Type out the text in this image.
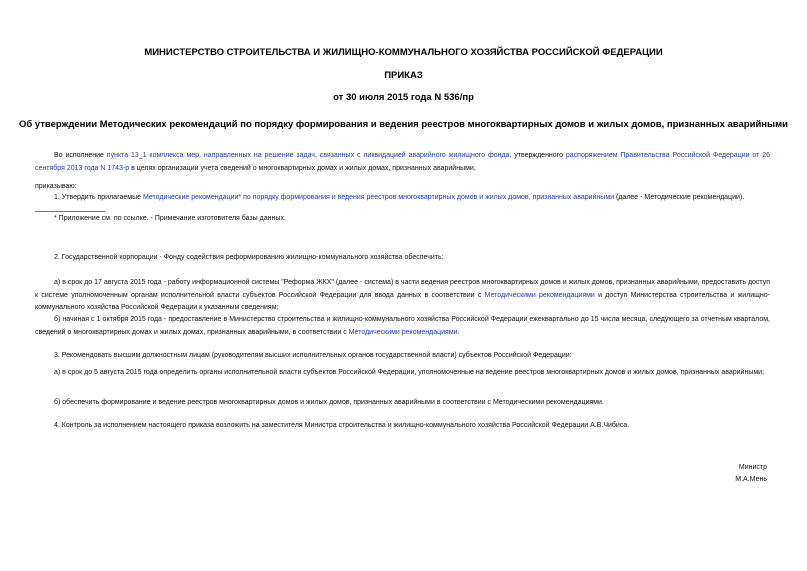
МИНИСТЕРСТВО СТРОИТЕЛЬСТВА И ЖИЛИЩНО-КОММУНАЛЬНОГО ХОЗЯЙСТВА РОССИЙСКОЙ ФЕДЕРАЦИИ
ПРИКАЗ
от 30 июля 2015 года N 536/пр
Об утверждении Методических рекомендаций по порядку формирования и ведения реестров многоквартирных домов и жилых домов, признанных аварийными

Во исполнение пункта 13_1 комплекса мер, направленных на решение задач, связанных с ликвидацией аварийного жилищного фонда, утвержденного распоряжением Правительства Российской Федерации от 26 сентября 2013 года N 1743-р в целях организации учета сведений о многоквартирных домах и жилых домах, признанных аварийными,

приказываю:

1. Утвердить прилагаемые Методические рекомендации* по порядку формирования и ведения реестров многоквартирных домов и жилых домов, признанных аварийными (далее - Методические рекомендации).

* Приложение см. по ссылке. - Примечание изготовителя базы данных.

2. Государственной корпорации - Фонду содействия реформированию жилищно-коммунального хозяйства обеспечить:

а) в срок до 17 августа 2015 года - работу информационной системы "Реформа ЖКХ" (далее - система) в части ведения реестров многоквартирных домов и жилых домов, признанных аварийными, предоставить доступ к системе уполномоченным органам исполнительной власти субъектов Российской Федерации для ввода данных в соответствии с Методическими рекомендациями и доступ Министерства строительства и жилищно-коммунального хозяйства Российской Федерации к указанным сведениям;

б) начиная с 1 октября 2015 года - предоставление в Министерство строительства и жилищно-коммунального хозяйства Российской Федерации ежеквартально до 15 числа месяца, следующего за отчетным кварталом, сведений о многоквартирных домах и жилых домах, признанных аварийными, в соответствии с Методическими рекомендациями.

3. Рекомендовать высшим должностным лицам (руководителям высших исполнительных органов государственной власти) субъектов Российской Федерации:

а) в срок до 5 августа 2015 года определить органы исполнительной власти субъектов Российской Федерации, уполномоченные на ведение реестров многоквартирных домов и жилых домов, признанных аварийными;

б) обеспечить формирование и ведение реестров многоквартирных домов и жилых домов, признанных аварийными в соответствии с Методическими рекомендациями.

4. Контроль за исполнением настоящего приказа возложить на заместителя Министра строительства и жилищно-коммунального хозяйства Российской Федерации А.В.Чибиса.

Министр
М.А.Мень
